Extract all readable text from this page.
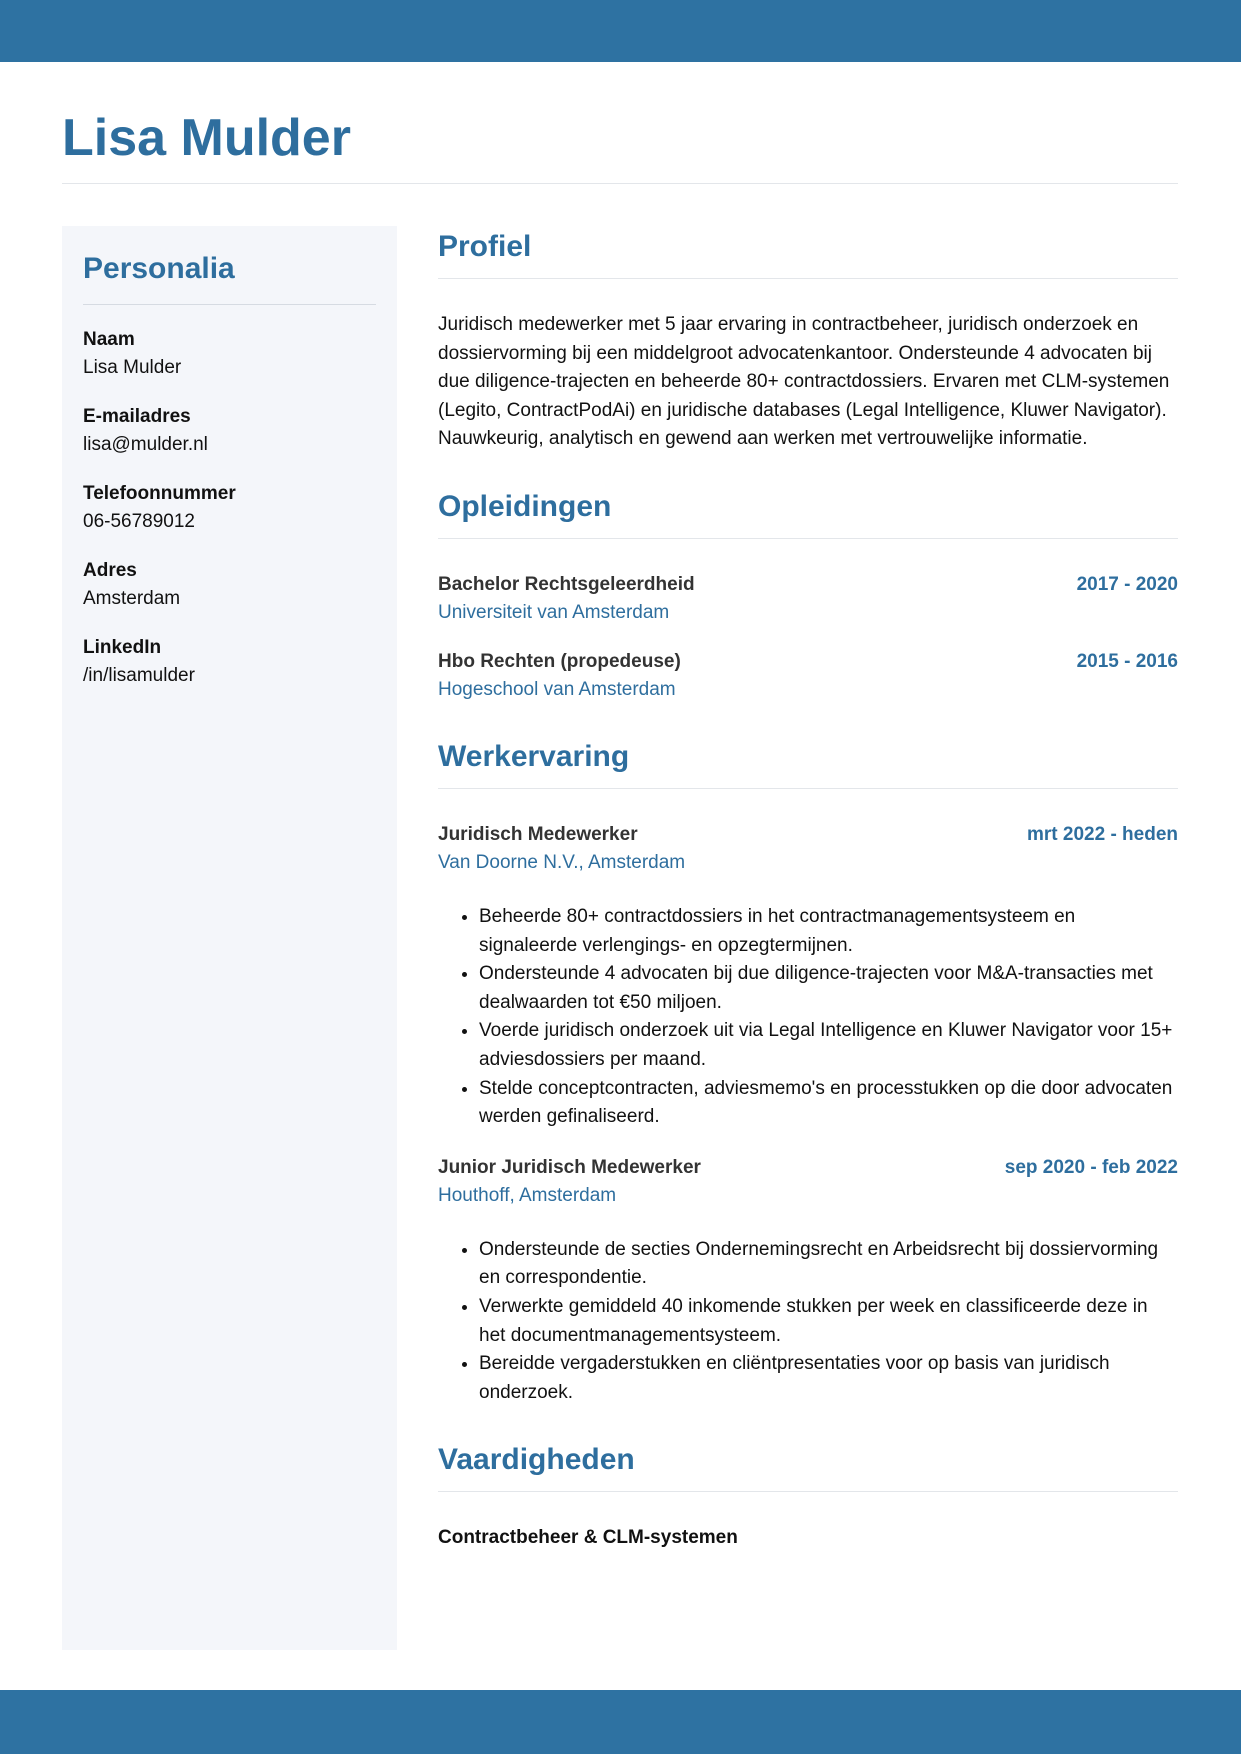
Lisa Mulder
Personalia
Naam
Lisa Mulder
E-mailadres
lisa@mulder.nl
Telefoonnummer
06-56789012
Adres
Amsterdam
LinkedIn
/in/lisamulder
Profiel

Juridisch medewerker met 5 jaar ervaring in contractbeheer, juridisch onderzoek en dossiervorming bij een middelgroot advocatenkantoor. Ondersteunde 4 advocaten bij due diligence-trajecten en beheerde 80+ contractdossiers. Ervaren met CLM-systemen (Legito, ContractPodAi) en juridische databases (Legal Intelligence, Kluwer Navigator). Nauwkeurig, analytisch en gewend aan werken met vertrouwelijke informatie.

Opleidingen
Bachelor Rechtsgeleerdheid	2017 - 2020
Universiteit van Amsterdam
Hbo Rechten (propedeuse)	2015 - 2016
Hogeschool van Amsterdam
Werkervaring
Juridisch Medewerker	mrt 2022 - heden
Van Doorne N.V., Amsterdam
• Beheerde 80+ contractdossiers in het contractmanagementsysteem en signaleerde verlengings- en opzegtermijnen.
• Ondersteunde 4 advocaten bij due diligence-trajecten voor M&A-transacties met dealwaarden tot €50 miljoen.
• Voerde juridisch onderzoek uit via Legal Intelligence en Kluwer Navigator voor 15+ adviesdossiers per maand.
• Stelde conceptcontracten, adviesmemo's en processtukken op die door advocaten werden gefinaliseerd.
Junior Juridisch Medewerker	sep 2020 - feb 2022
Houthoff, Amsterdam
• Ondersteunde de secties Ondernemingsrecht en Arbeidsrecht bij dossiervorming en correspondentie.
• Verwerkte gemiddeld 40 inkomende stukken per week en classificeerde deze in het documentmanagementsysteem.
• Bereidde vergaderstukken en cliëntpresentaties voor op basis van juridisch onderzoek.
Vaardigheden
Contractbeheer & CLM-systemen
